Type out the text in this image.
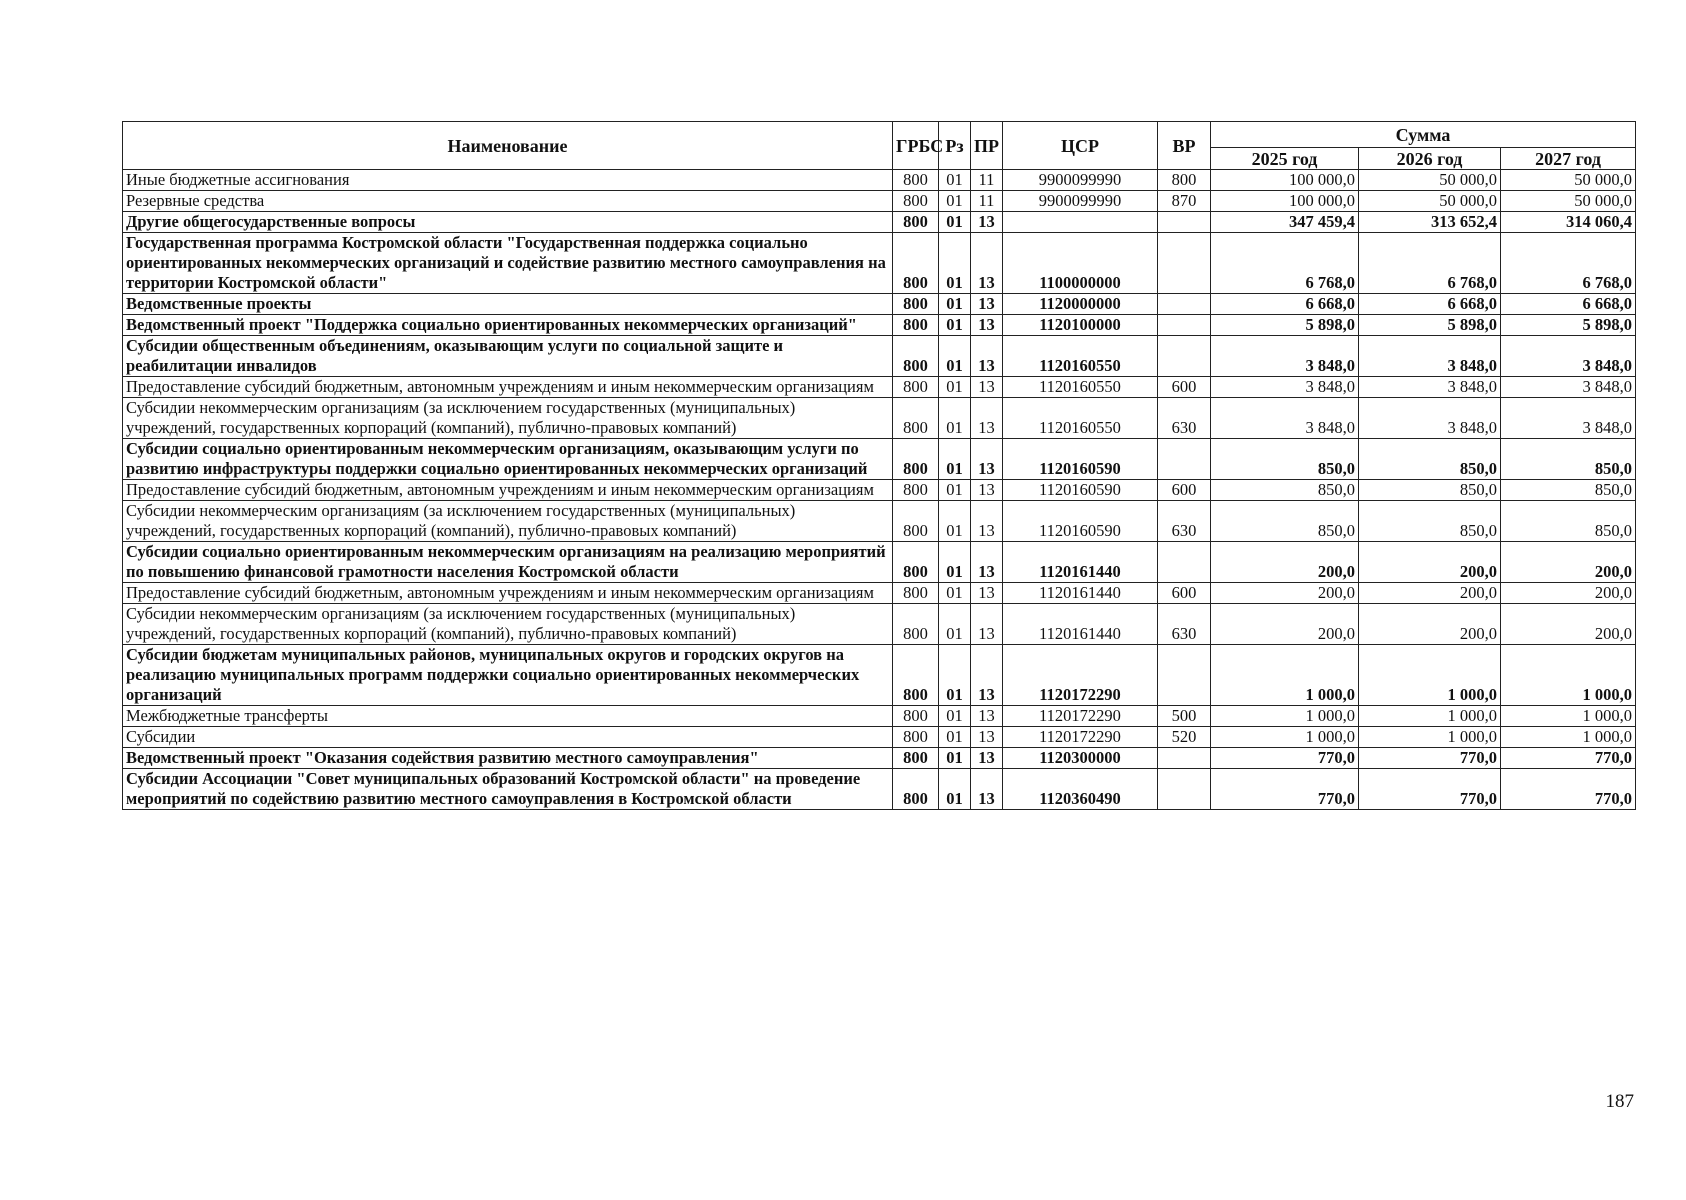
Наименование	ГРБС	Рз	ПР	ЦСР	ВР	Сумма		
						2025 год	2026 год	2027 год
Иные бюджетные ассигнования	800	01	11	9900099990	800	100 000,0	50 000,0	50 000,0
Резервные средства	800	01	11	9900099990	870	100 000,0	50 000,0	50 000,0
Другие общегосударственные вопросы	800	01	13			347 459,4	313 652,4	314 060,4
Государственная программа Костромской области "Государственная поддержка социально ориентированных некоммерческих организаций и содействие развитию местного самоуправления на территории Костромской области"	800	01	13	1100000000		6 768,0	6 768,0	6 768,0
Ведомственные проекты	800	01	13	1120000000		6 668,0	6 668,0	6 668,0
Ведомственный проект "Поддержка социально ориентированных некоммерческих организаций"	800	01	13	1120100000		5 898,0	5 898,0	5 898,0
Субсидии общественным объединениям, оказывающим услуги по социальной защите и реабилитации инвалидов	800	01	13	1120160550		3 848,0	3 848,0	3 848,0
Предоставление субсидий бюджетным, автономным учреждениям и иным некоммерческим организациям	800	01	13	1120160550	600	3 848,0	3 848,0	3 848,0
Субсидии некоммерческим организациям (за исключением государственных (муниципальных) учреждений, государственных корпораций (компаний), публично-правовых компаний)	800	01	13	1120160550	630	3 848,0	3 848,0	3 848,0
Субсидии социально ориентированным некоммерческим организациям, оказывающим услуги по развитию инфраструктуры поддержки социально ориентированных некоммерческих организаций	800	01	13	1120160590		850,0	850,0	850,0
Предоставление субсидий бюджетным, автономным учреждениям и иным некоммерческим организациям	800	01	13	1120160590	600	850,0	850,0	850,0
Субсидии некоммерческим организациям (за исключением государственных (муниципальных) учреждений, государственных корпораций (компаний), публично-правовых компаний)	800	01	13	1120160590	630	850,0	850,0	850,0
Субсидии социально ориентированным некоммерческим организациям на реализацию мероприятий по повышению финансовой грамотности населения Костромской области	800	01	13	1120161440		200,0	200,0	200,0
Предоставление субсидий бюджетным, автономным учреждениям и иным некоммерческим организациям	800	01	13	1120161440	600	200,0	200,0	200,0
Субсидии некоммерческим организациям (за исключением государственных (муниципальных) учреждений, государственных корпораций (компаний), публично-правовых компаний)	800	01	13	1120161440	630	200,0	200,0	200,0
Субсидии бюджетам муниципальных районов, муниципальных округов и городских округов на реализацию муниципальных программ поддержки социально ориентированных некоммерческих организаций	800	01	13	1120172290		1 000,0	1 000,0	1 000,0
Межбюджетные трансферты	800	01	13	1120172290	500	1 000,0	1 000,0	1 000,0
Субсидии	800	01	13	1120172290	520	1 000,0	1 000,0	1 000,0
Ведомственный проект "Оказания содействия развитию местного самоуправления"	800	01	13	1120300000		770,0	770,0	770,0
Субсидии Ассоциации "Совет муниципальных образований Костромской области" на проведение мероприятий по содействию развитию местного самоуправления в Костромской области	800	01	13	1120360490		770,0	770,0	770,0
187
